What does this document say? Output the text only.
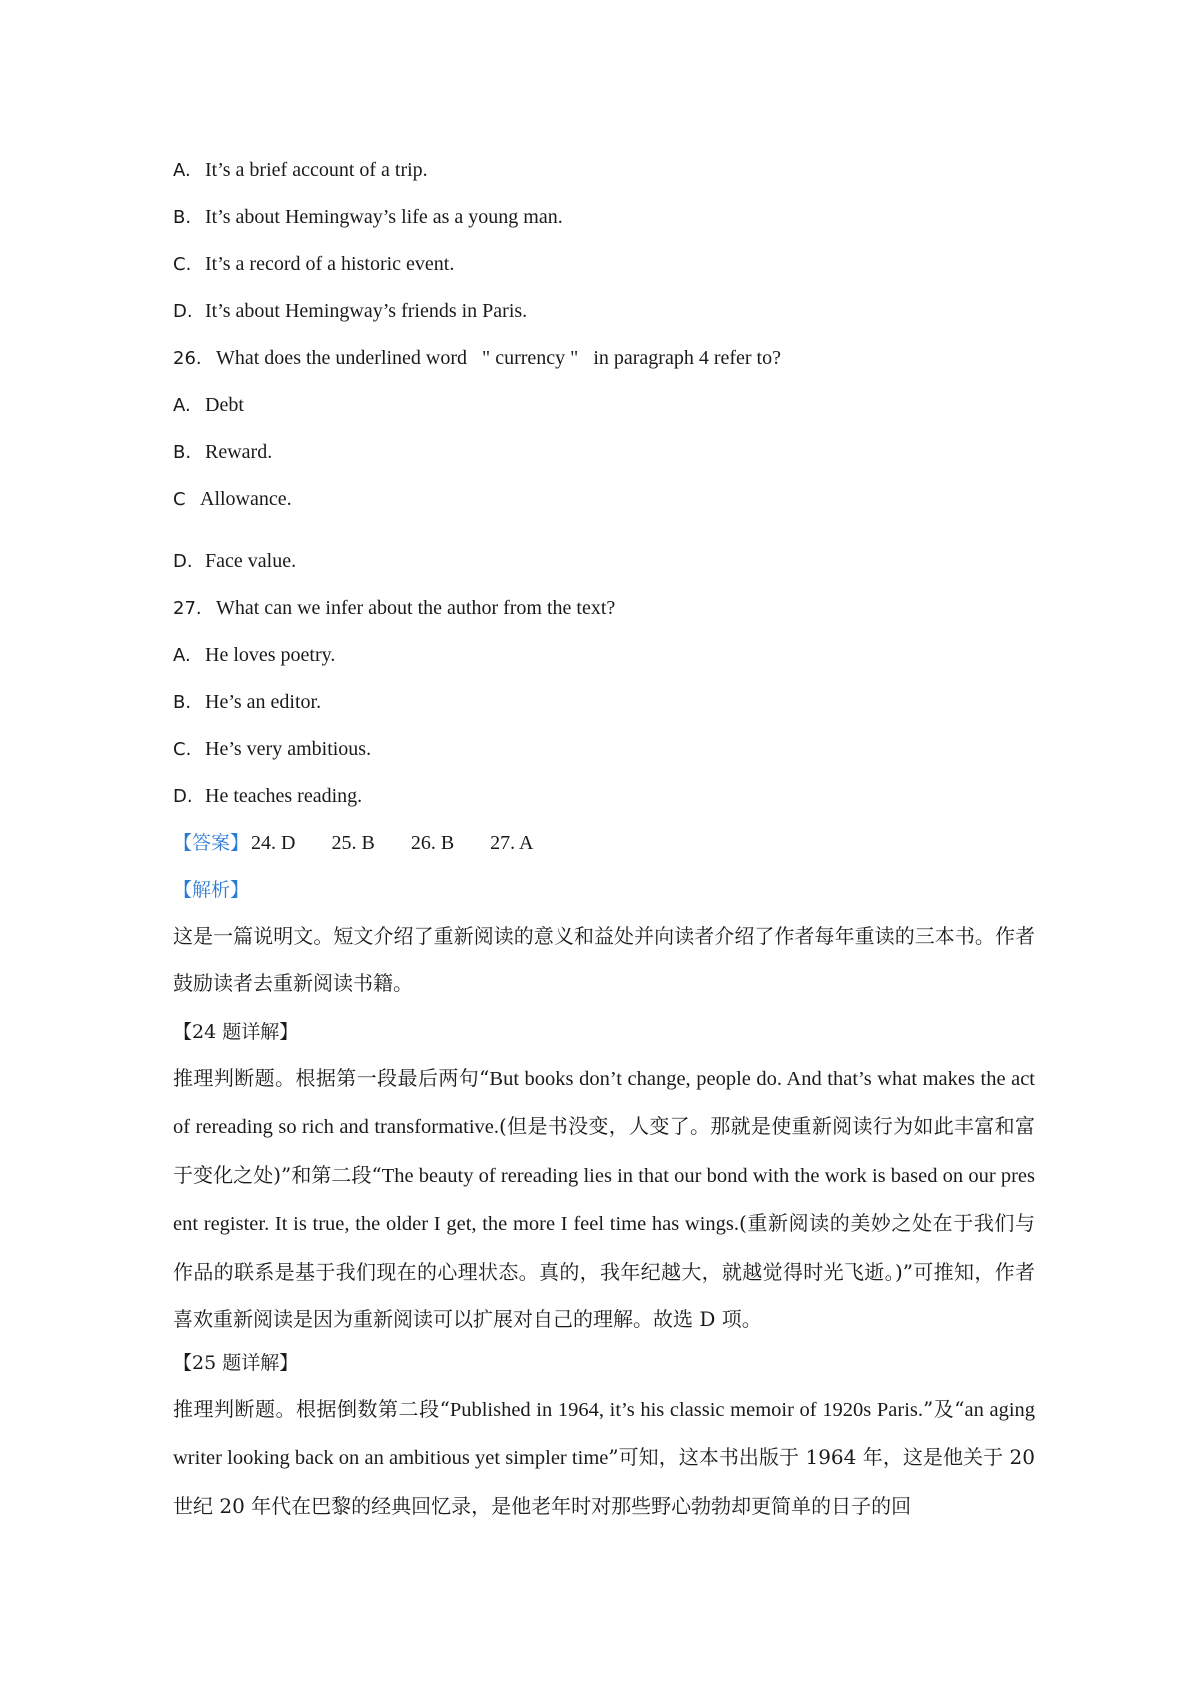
A. It’s a brief account of a trip.
B. It’s about Hemingway’s life as a young man.
C. It’s a record of a historic event.
D. It’s about Hemingway’s friends in Paris.
26. What does the underlined word   " currency "   in paragraph 4 refer to?
A. Debt
B. Reward.
C Allowance.
D. Face value.
27. What can we infer about the author from the text?
A. He loves poetry.
B. He’s an editor.
C. He’s very ambitious.
D. He teaches reading.
【答案】 24. D 25. B 26. B 27. A
【解析】
这是一篇说明文。短文介绍了重新阅读的意义和益处并向读者介绍了作者每年重读的三本书。作者鼓励读者去重新阅读书籍。
【24 题详解】
推理判断题。根据第一段最后两句“But books don’t change, people do. And that’s what makes the act of rereading so rich and transformative.(但是书没变，人变了。那就是使重新阅读行为如此丰富和富于变化之处)”和第二段“The beauty of rereading lies in that our bond with the work is based on our present register. It is true, the older I get, the more I feel time has wings.(重新阅读的美妙之处在于我们与作品的联系是基于我们现在的心理状态。真的，我年纪越大，就越觉得时光飞逝。)”可推知，作者喜欢重新阅读是因为重新阅读可以扩展对自己的理解。故选 D 项。
【25 题详解】
推理判断题。根据倒数第二段“Published in 1964, it’s his classic memoir of 1920s Paris.”及“an aging writer looking back on an ambitious yet simpler time”可知，这本书出版于 1964 年，这是他关于 20 世纪 20 年代在巴黎的经典回忆录，是他老年时对那些野心勃勃却更简单的日子的回
